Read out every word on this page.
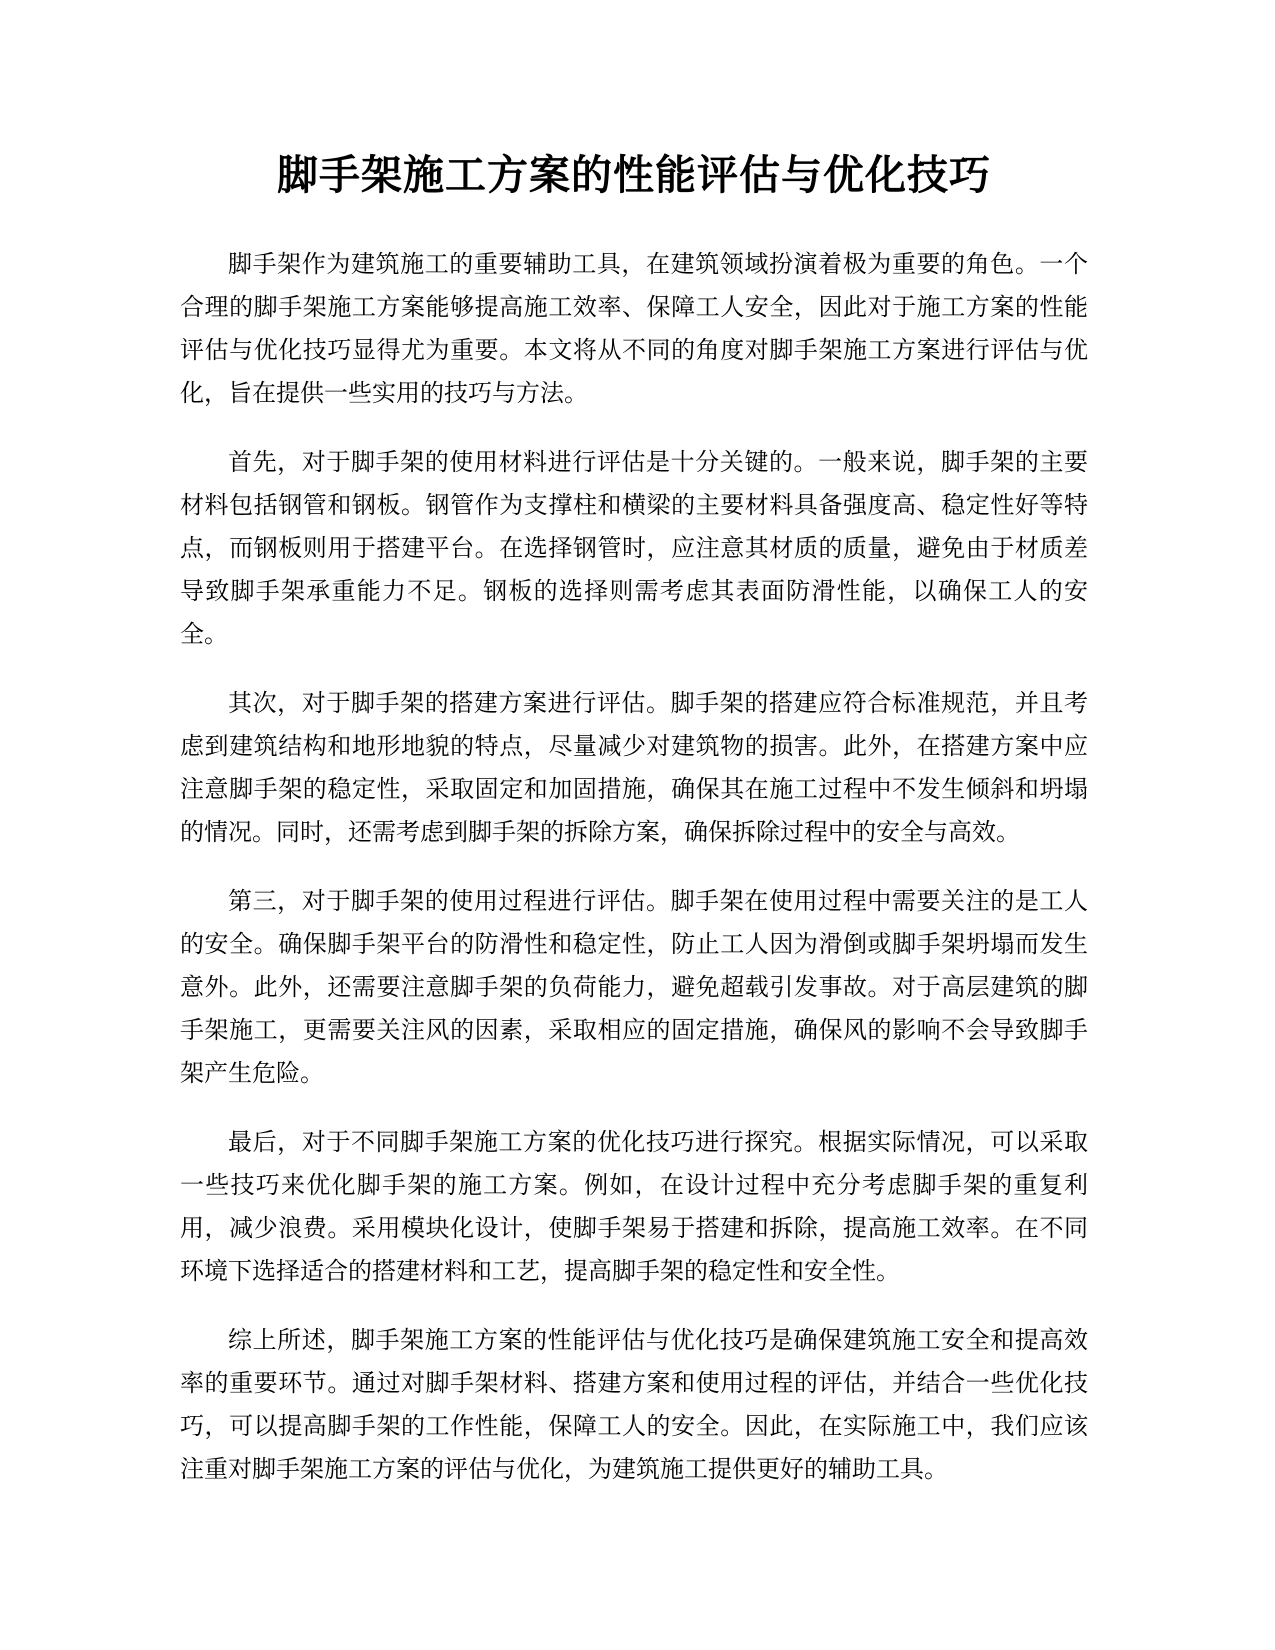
脚手架施工方案的性能评估与优化技巧

脚手架作为建筑施工的重要辅助工具，在建筑领域扮演着极为重要的角色。一个合理的脚手架施工方案能够提高施工效率、保障工人安全，因此对于施工方案的性能评估与优化技巧显得尤为重要。本文将从不同的角度对脚手架施工方案进行评估与优化，旨在提供一些实用的技巧与方法。

首先，对于脚手架的使用材料进行评估是十分关键的。一般来说，脚手架的主要材料包括钢管和钢板。钢管作为支撑柱和横梁的主要材料具备强度高、稳定性好等特点，而钢板则用于搭建平台。在选择钢管时，应注意其材质的质量，避免由于材质差导致脚手架承重能力不足。钢板的选择则需考虑其表面防滑性能，以确保工人的安全。

其次，对于脚手架的搭建方案进行评估。脚手架的搭建应符合标准规范，并且考虑到建筑结构和地形地貌的特点，尽量减少对建筑物的损害。此外，在搭建方案中应注意脚手架的稳定性，采取固定和加固措施，确保其在施工过程中不发生倾斜和坍塌的情况。同时，还需考虑到脚手架的拆除方案，确保拆除过程中的安全与高效。

第三，对于脚手架的使用过程进行评估。脚手架在使用过程中需要关注的是工人的安全。确保脚手架平台的防滑性和稳定性，防止工人因为滑倒或脚手架坍塌而发生意外。此外，还需要注意脚手架的负荷能力，避免超载引发事故。对于高层建筑的脚手架施工，更需要关注风的因素，采取相应的固定措施，确保风的影响不会导致脚手架产生危险。

最后，对于不同脚手架施工方案的优化技巧进行探究。根据实际情况，可以采取一些技巧来优化脚手架的施工方案。例如，在设计过程中充分考虑脚手架的重复利用，减少浪费。采用模块化设计，使脚手架易于搭建和拆除，提高施工效率。在不同环境下选择适合的搭建材料和工艺，提高脚手架的稳定性和安全性。

综上所述，脚手架施工方案的性能评估与优化技巧是确保建筑施工安全和提高效率的重要环节。通过对脚手架材料、搭建方案和使用过程的评估，并结合一些优化技巧，可以提高脚手架的工作性能，保障工人的安全。因此，在实际施工中，我们应该注重对脚手架施工方案的评估与优化，为建筑施工提供更好的辅助工具。
